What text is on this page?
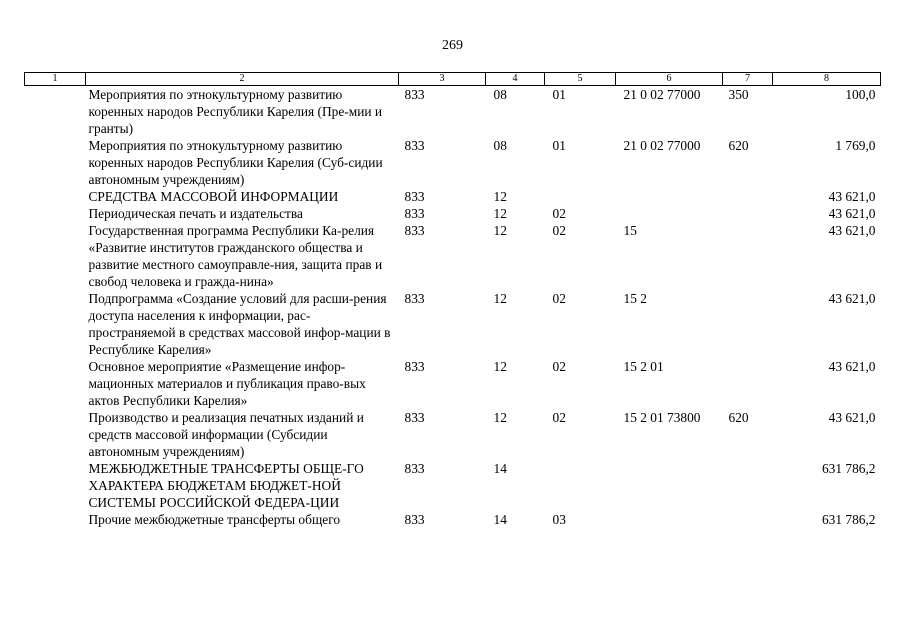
269
1	2	3	4	5	6	7	8
	Мероприятия по этнокультурному развитию коренных народов Республики Карелия (Пре-мии и гранты)	833	08	01	21 0 02 77000	350	100,0
	Мероприятия по этнокультурному развитию коренных народов Республики Карелия (Суб-сидии автономным учреждениям)	833	08	01	21 0 02 77000	620	1 769,0
	СРЕДСТВА МАССОВОЙ ИНФОРМАЦИИ	833	12				43 621,0
	Периодическая печать и издательства	833	12	02			43 621,0
	Государственная программа Республики Ка-релия «Развитие институтов гражданского общества и развитие местного самоуправле-ния, защита прав и свобод человека и гражда-нина»	833	12	02	15		43 621,0
	Подпрограмма «Создание условий для расши-рения доступа населения к информации, рас-пространяемой в средствах массовой инфор-мации в Республике Карелия»	833	12	02	15 2		43 621,0
	Основное мероприятие «Размещение инфор-мационных материалов и публикация право-вых актов Республики Карелия»	833	12	02	15 2 01		43 621,0
	Производство и реализация печатных изданий и средств массовой информации (Субсидии автономным учреждениям)	833	12	02	15 2 01 73800	620	43 621,0
	МЕЖБЮДЖЕТНЫЕ ТРАНСФЕРТЫ ОБЩЕ-ГО ХАРАКТЕРА БЮДЖЕТАМ БЮДЖЕТ-НОЙ СИСТЕМЫ РОССИЙСКОЙ ФЕДЕРА-ЦИИ	833	14				631 786,2
	Прочие межбюджетные трансферты общего	833	14	03			631 786,2
